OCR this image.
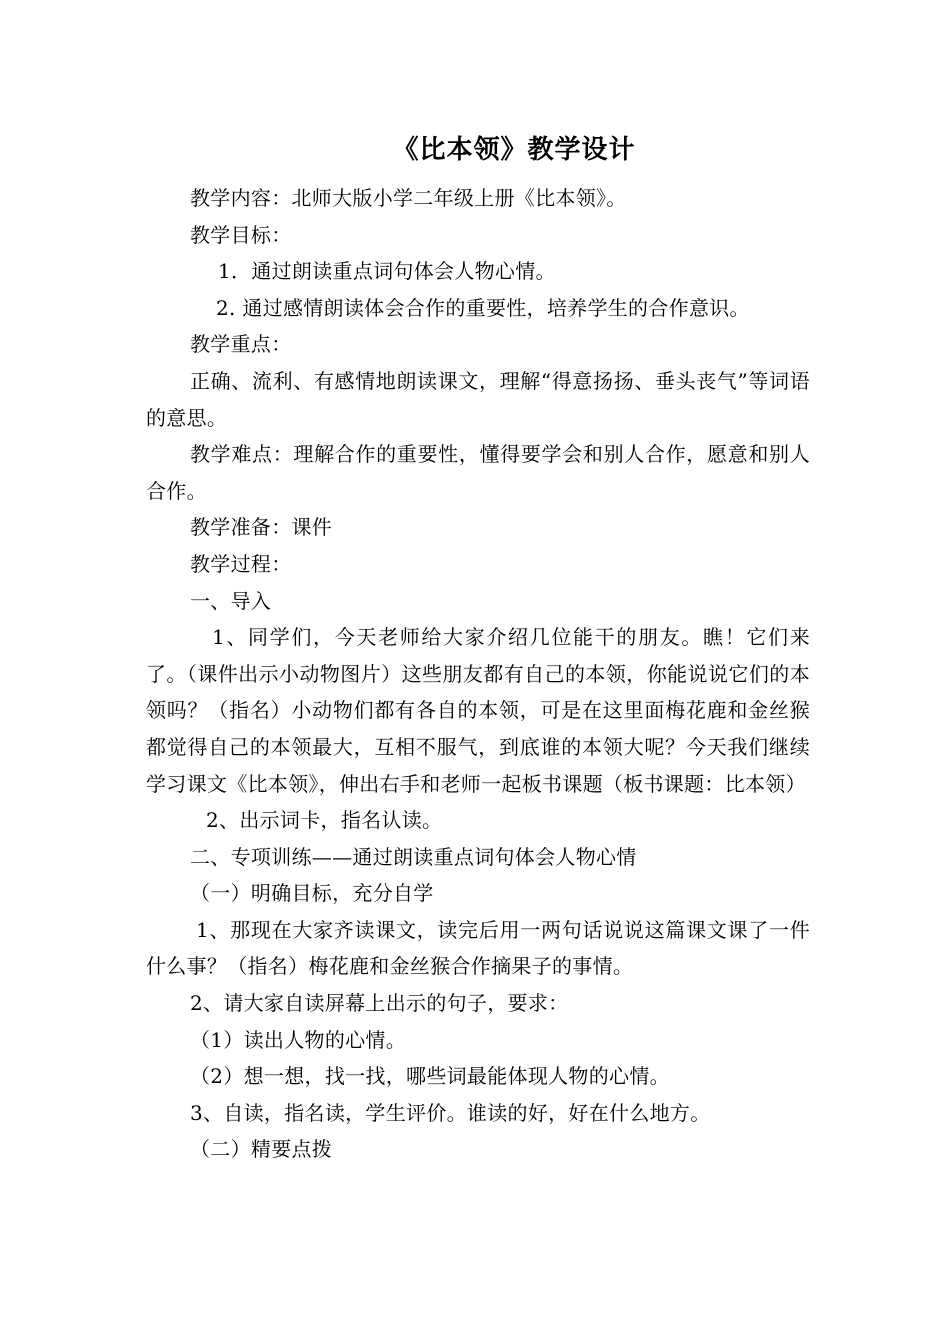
《比本领》教学设计

教学内容：北师大版小学二年级上册《比本领》。

教学目标：

1．通过朗读重点词句体会人物心情。

2. 通过感情朗读体会合作的重要性，培养学生的合作意识。

教学重点：

正确、流利、有感情地朗读课文，理解“得意扬扬、垂头丧气”等词语的意思。

教学难点：理解合作的重要性，懂得要学会和别人合作，愿意和别人合作。

教学准备：课件

教学过程：

一、导入

1、同学们，今天老师给大家介绍几位能干的朋友。瞧！它们来了。（课件出示小动物图片）这些朋友都有自己的本领，你能说说它们的本领吗？（指名）小动物们都有各自的本领，可是在这里面梅花鹿和金丝猴都觉得自己的本领最大，互相不服气，到底谁的本领大呢？今天我们继续学习课文《比本领》，伸出右手和老师一起板书课题（板书课题：比本领）

2、出示词卡，指名认读。

二、专项训练——通过朗读重点词句体会人物心情

（一）明确目标，充分自学

1、那现在大家齐读课文，读完后用一两句话说说这篇课文课了一件什么事？（指名）梅花鹿和金丝猴合作摘果子的事情。

2、请大家自读屏幕上出示的句子，要求：

（1）读出人物的心情。

（2）想一想，找一找，哪些词最能体现人物的心情。

3、自读，指名读，学生评价。谁读的好，好在什么地方。

（二）精要点拨
